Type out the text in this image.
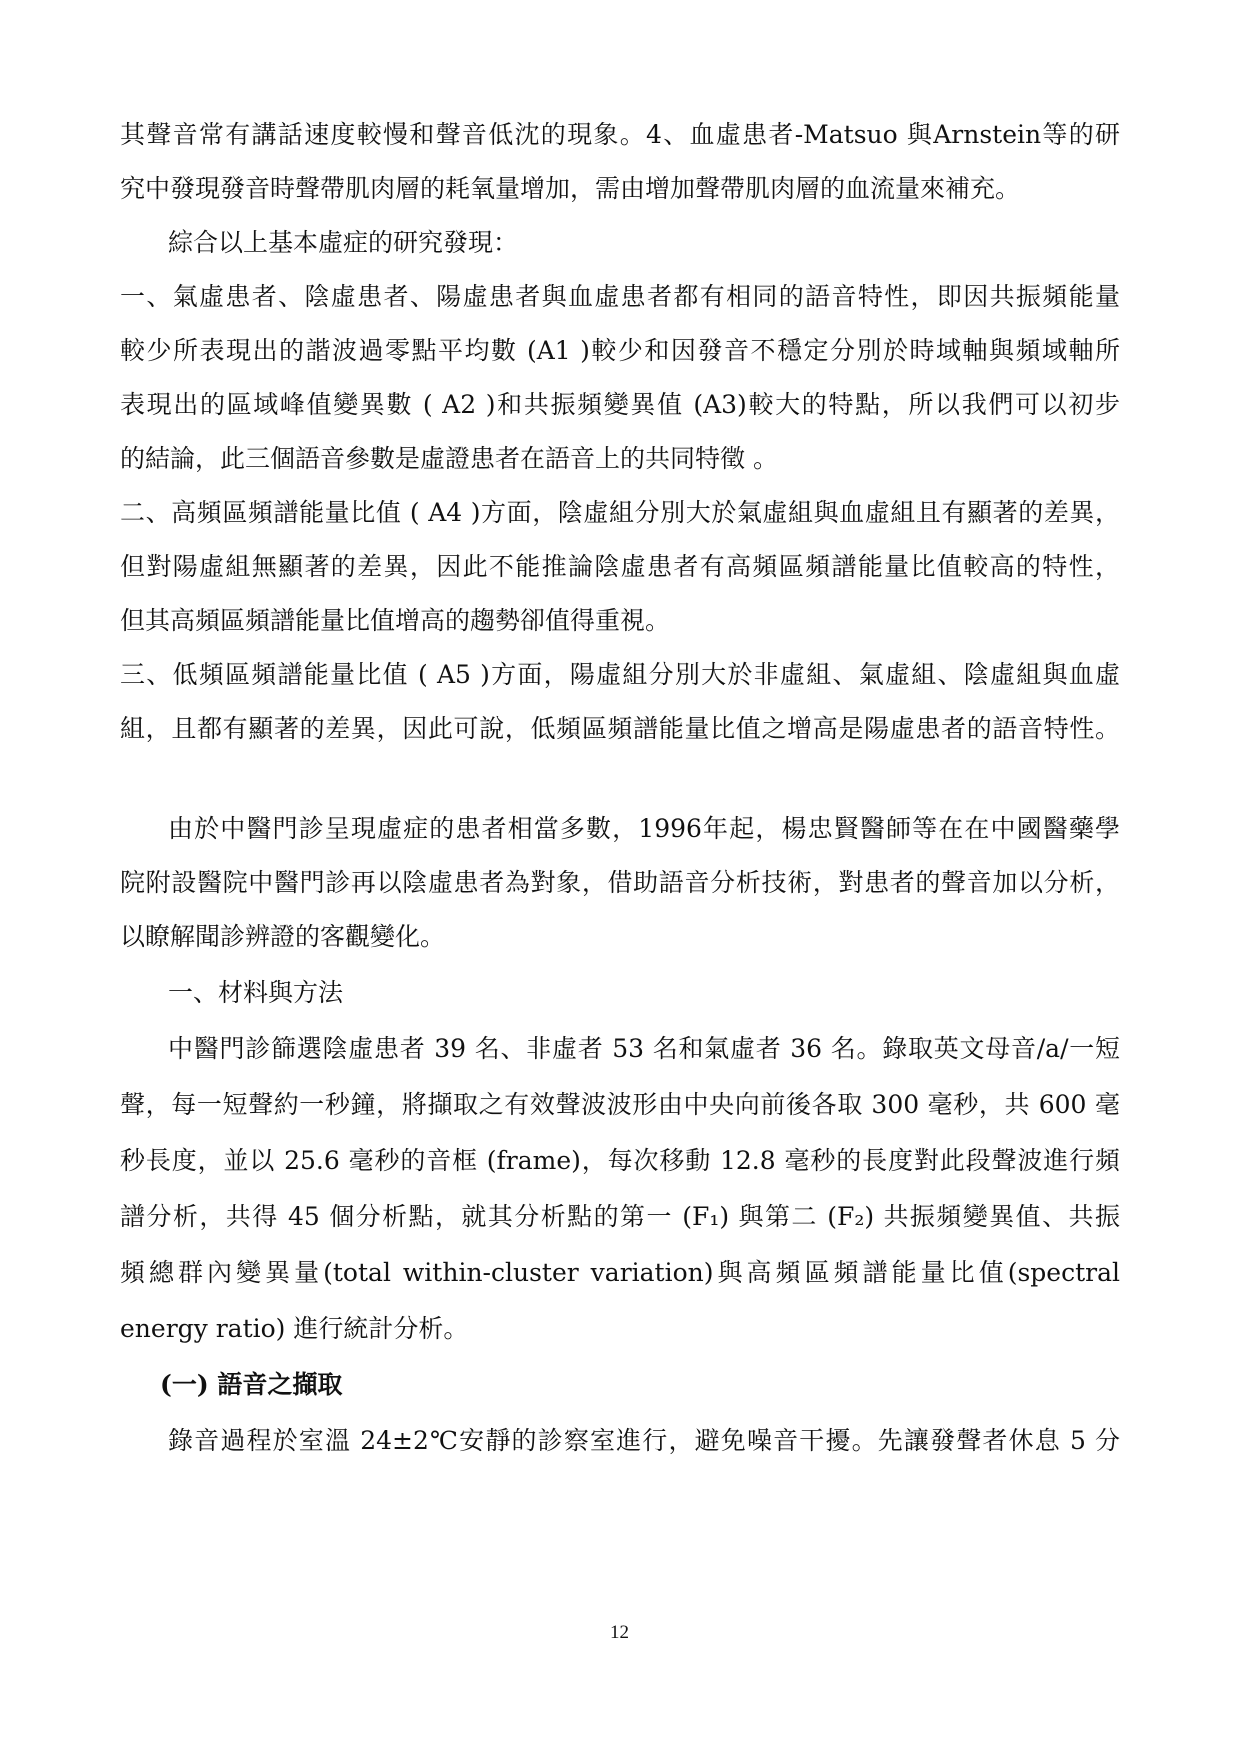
其聲音常有講話速度較慢和聲音低沈的現象。4、血虛患者-Matsuo 與Arnstein等的研
究中發現發音時聲帶肌肉層的耗氧量增加，需由增加聲帶肌肉層的血流量來補充。
綜合以上基本虛症的研究發現：
一、氣虛患者、陰虛患者、陽虛患者與血虛患者都有相同的語音特性，即因共振頻能量
較少所表現出的諧波過零點平均數 (A1 )較少和因發音不穩定分別於時域軸與頻域軸所
表現出的區域峰值變異數 ( A2 )和共振頻變異值 (A3)較大的特點，所以我們可以初步
的結論，此三個語音參數是虛證患者在語音上的共同特徵 。
二、高頻區頻譜能量比值 ( A4 )方面，陰虛組分別大於氣虛組與血虛組且有顯著的差異，
但對陽虛組無顯著的差異，因此不能推論陰虛患者有高頻區頻譜能量比值較高的特性，
但其高頻區頻譜能量比值增高的趨勢卻值得重視。
三、低頻區頻譜能量比值 ( A5 )方面，陽虛組分別大於非虛組、氣虛組、陰虛組與血虛
組，且都有顯著的差異，因此可說，低頻區頻譜能量比值之增高是陽虛患者的語音特性。
由於中醫門診呈現虛症的患者相當多數，1996年起，楊忠賢醫師等在在中國醫藥學
院附設醫院中醫門診再以陰虛患者為對象，借助語音分析技術，對患者的聲音加以分析，
以瞭解聞診辨證的客觀變化。
一、材料與方法
中醫門診篩選陰虛患者 39 名、非虛者 53 名和氣虛者 36 名。錄取英文母音/a/一短
聲，每一短聲約一秒鐘，將擷取之有效聲波波形由中央向前後各取 300 毫秒，共 600 毫
秒長度，並以 25.6 毫秒的音框 (frame)，每次移動 12.8 毫秒的長度對此段聲波進行頻
譜分析，共得 45 個分析點，就其分析點的第一 (F₁) 與第二 (F₂) 共振頻變異值、共振
頻總群內變異量(total within-cluster variation)與高頻區頻譜能量比值(spectral
energy ratio) 進行統計分析。
(一) 語音之擷取
錄音過程於室溫 24±2℃安靜的診察室進行，避免噪音干擾。先讓發聲者休息 5 分
12
